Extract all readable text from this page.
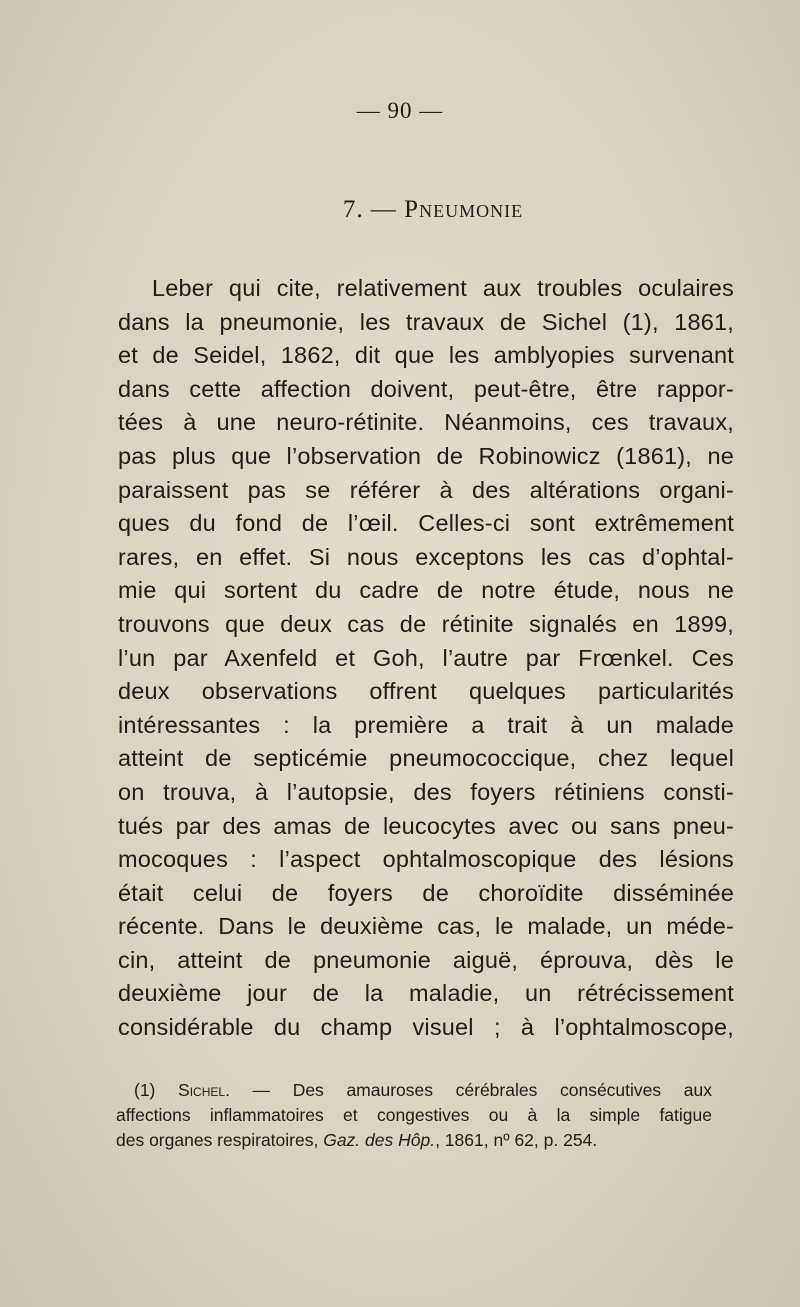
— 90 —
7. — Pneumonie
Leber qui cite, relativement aux troubles oculaires
dans la pneumonie, les travaux de Sichel (1), 1861,
et de Seidel, 1862, dit que les amblyopies survenant
dans cette affection doivent, peut-être, être rappor-
tées à une neuro-rétinite. Néanmoins, ces travaux,
pas plus que l’observation de Robinowicz (1861), ne
paraissent pas se référer à des altérations organi-
ques du fond de l’œil. Celles-ci sont extrêmement
rares, en effet. Si nous exceptons les cas d’ophtal-
mie qui sortent du cadre de notre étude, nous ne
trouvons que deux cas de rétinite signalés en 1899,
l’un par Axenfeld et Goh, l’autre par Frœnkel. Ces
deux observations offrent quelques particularités
intéressantes : la première a trait à un malade
atteint de septicémie pneumococcique, chez lequel
on trouva, à l’autopsie, des foyers rétiniens consti-
tués par des amas de leucocytes avec ou sans pneu-
mocoques : l’aspect ophtalmoscopique des lésions
était celui de foyers de choroïdite disséminée
récente. Dans le deuxième cas, le malade, un méde-
cin, atteint de pneumonie aiguë, éprouva, dès le
deuxième jour de la maladie, un rétrécissement
considérable du champ visuel ; à l’ophtalmoscope,
(1) Sichel. — Des amauroses cérébrales consécutives aux
affections inflammatoires et congestives ou à la simple fatigue
des organes respiratoires, Gaz. des Hôp., 1861, nº 62, p. 254.
